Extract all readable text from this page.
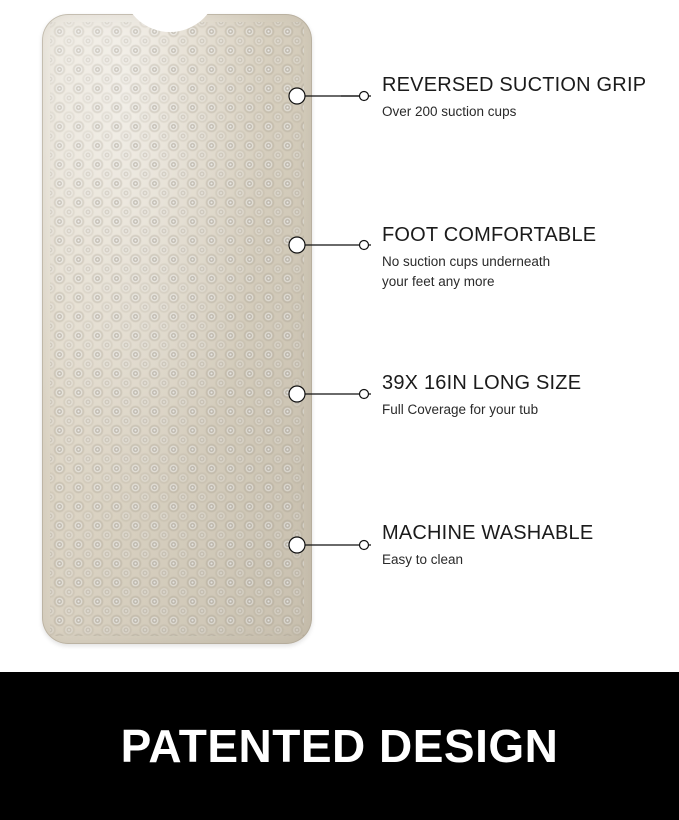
REVERSED SUCTION GRIP

Over 200 suction cups

FOOT COMFORTABLE

No suction cups underneath
your feet any more

39X 16IN LONG SIZE

Full Coverage for your tub

MACHINE WASHABLE

Easy to clean

PATENTED DESIGN
